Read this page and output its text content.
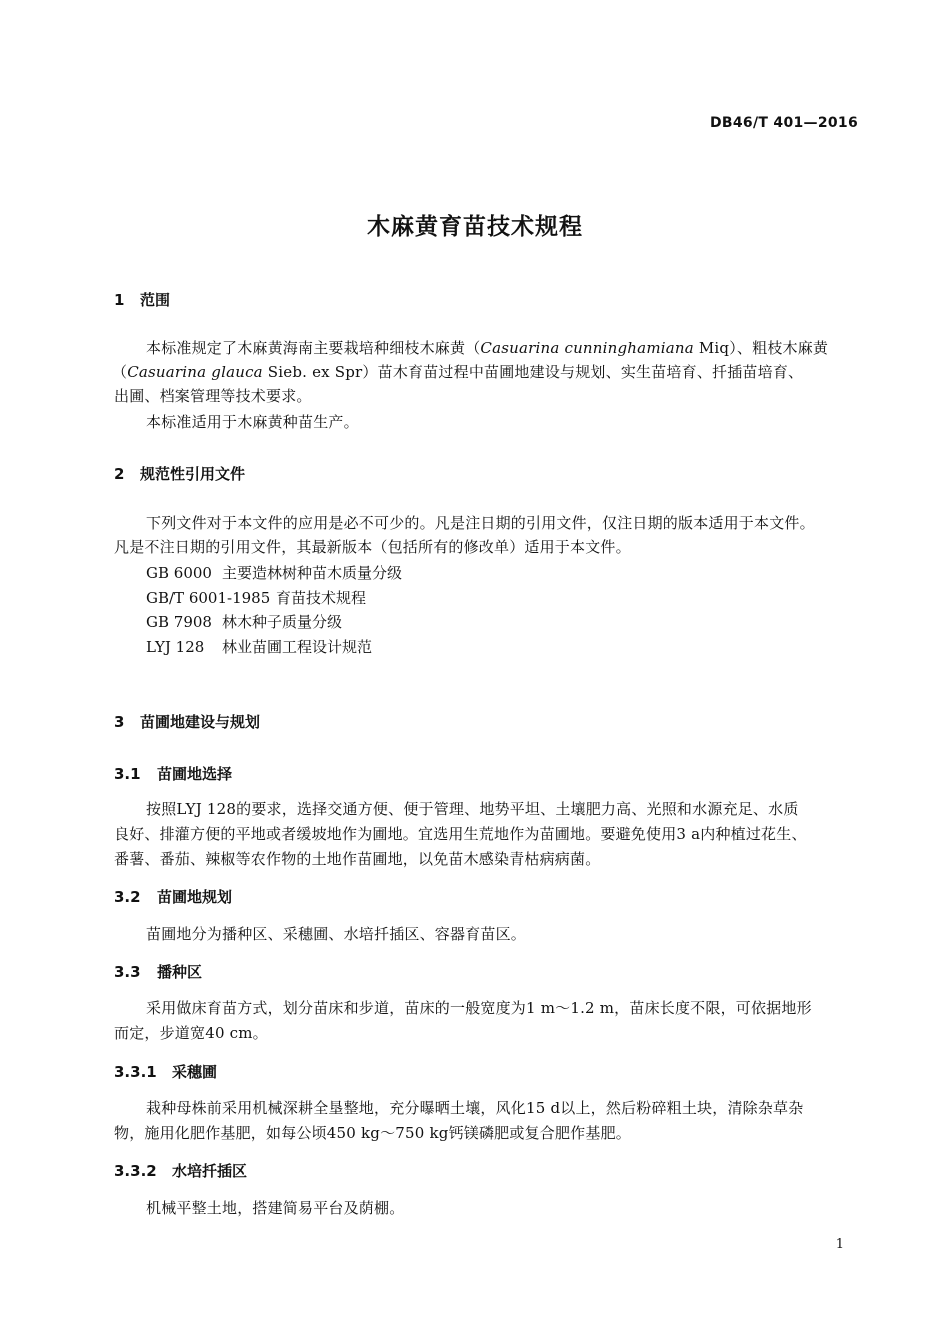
DB46/T 401—2016
木麻黄育苗技术规程
1 范围
本标准规定了木麻黄海南主要栽培种细枝木麻黄（Casuarina cunninghamiana Miq）、粗枝木麻黄
（Casuarina glauca Sieb. ex Spr）苗木育苗过程中苗圃地建设与规划、实生苗培育、扦插苗培育、
出圃、档案管理等技术要求。
本标准适用于木麻黄种苗生产。
2 规范性引用文件
下列文件对于本文件的应用是必不可少的。凡是注日期的引用文件，仅注日期的版本适用于本文件。
凡是不注日期的引用文件，其最新版本（包括所有的修改单）适用于本文件。
GB 6000 主要造林树种苗木质量分级
GB/T 6001-1985 育苗技术规程
GB 7908 林木种子质量分级
LYJ 128 林业苗圃工程设计规范
3 苗圃地建设与规划
3.1 苗圃地选择
按照LYJ 128的要求，选择交通方便、便于管理、地势平坦、土壤肥力高、光照和水源充足、水质
良好、排灌方便的平地或者缓坡地作为圃地。宜选用生荒地作为苗圃地。要避免使用3 a内种植过花生、
番薯、番茄、辣椒等农作物的土地作苗圃地，以免苗木感染青枯病病菌。
3.2 苗圃地规划
苗圃地分为播种区、采穗圃、水培扦插区、容器育苗区。
3.3 播种区
采用做床育苗方式，划分苗床和步道，苗床的一般宽度为1 m～1.2 m，苗床长度不限，可依据地形
而定，步道宽40 cm。
3.3.1 采穗圃
栽种母株前采用机械深耕全垦整地，充分曝晒土壤，风化15 d以上，然后粉碎粗土块，清除杂草杂
物，施用化肥作基肥，如每公顷450 kg～750 kg钙镁磷肥或复合肥作基肥。
3.3.2 水培扦插区
机械平整土地，搭建简易平台及荫棚。
1
